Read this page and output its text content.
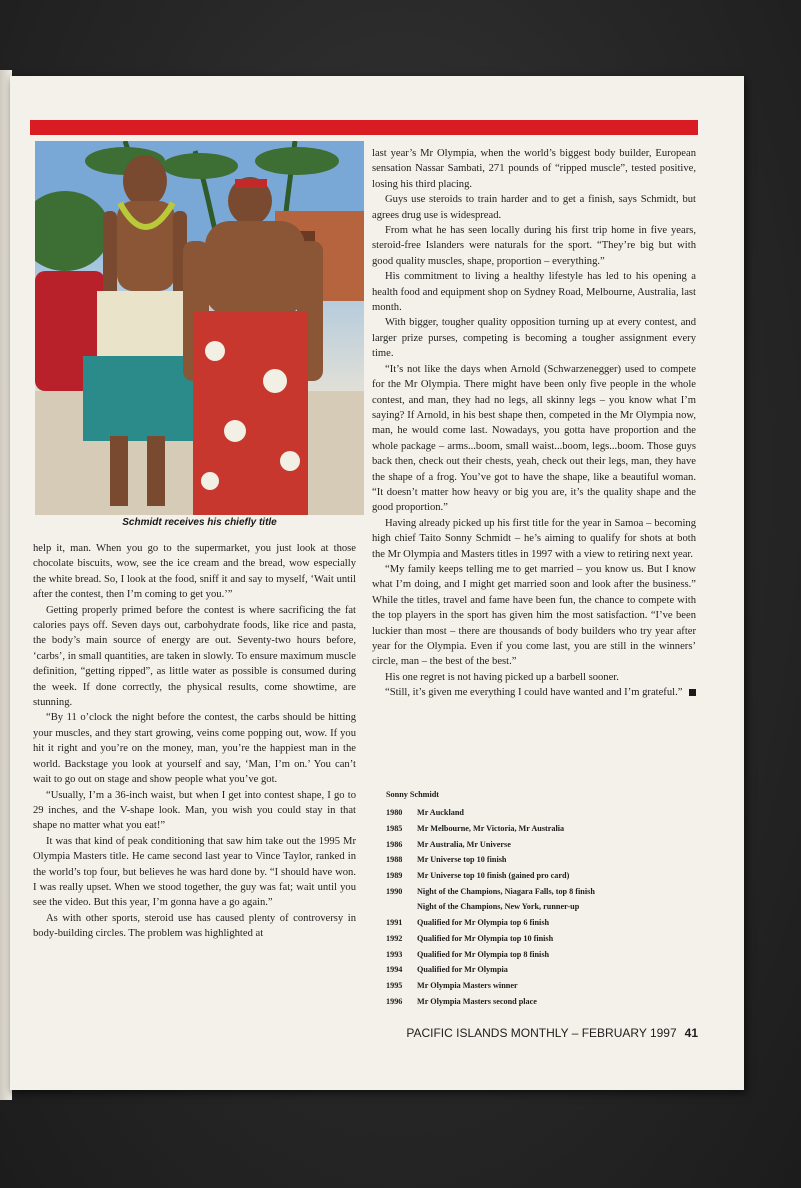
Schmidt receives his chiefly title

help it, man. When you go to the supermarket, you just look at those chocolate biscuits, wow, see the ice cream and the bread, wow especially the white bread. So, I look at the food, sniff it and say to myself, ‘Wait until after the contest, then I’m coming to get you.’”

Getting properly primed before the contest is where sacrificing the fat calories pays off. Seven days out, carbohydrate foods, like rice and pasta, the body’s main source of energy are out. Seventy-two hours before, ‘carbs’, in small quantities, are taken in slowly. To ensure maximum muscle definition, “getting ripped”, as little water as possible is consumed during the week. If done correctly, the physical results, come showtime, are stunning.

“By 11 o’clock the night before the contest, the carbs should be hitting your muscles, and they start growing, veins come popping out, wow. If you hit it right and you’re on the money, man, you’re the happiest man in the world. Backstage you look at yourself and say, ‘Man, I’m on.’ You can’t wait to go out on stage and show people what you’ve got.

“Usually, I’m a 36-inch waist, but when I get into contest shape, I go to 29 inches, and the V-shape look. Man, you wish you could stay in that shape no matter what you eat!”

It was that kind of peak conditioning that saw him take out the 1995 Mr Olympia Masters title. He came second last year to Vince Taylor, ranked in the world’s top four, but believes he was hard done by. “I should have won. I was really upset. When we stood together, the guy was fat; wait until you see the video. But this year, I’m gonna have a go again.”

As with other sports, steroid use has caused plenty of controversy in body-building circles. The problem was highlighted at

last year’s Mr Olympia, when the world’s biggest body builder, European sensation Nassar Sambati, 271 pounds of “ripped muscle”, tested positive, losing his third placing.

Guys use steroids to train harder and to get a finish, says Schmidt, but agrees drug use is widespread.

From what he has seen locally during his first trip home in five years, steroid-free Islanders were naturals for the sport. “They’re big but with good quality muscles, shape, proportion – everything.”

His commitment to living a healthy lifestyle has led to his opening a health food and equipment shop on Sydney Road, Melbourne, Australia, last month.

With bigger, tougher quality opposition turning up at every contest, and larger prize purses, competing is becoming a tougher assignment every time.

“It’s not like the days when Arnold (Schwarzenegger) used to compete for the Mr Olympia. There might have been only five people in the whole contest, and man, they had no legs, all skinny legs – you know what I’m saying? If Arnold, in his best shape then, competed in the Mr Olympia now, man, he would come last. Nowadays, you gotta have proportion and the whole package – arms...boom, small waist...boom, legs...boom. Those guys back then, check out their chests, yeah, check out their legs, man, they have the shape of a frog. You’ve got to have the shape, like a beautiful woman. “It doesn’t matter how heavy or big you are, it’s the quality shape and the good proportion.”

Having already picked up his first title for the year in Samoa – becoming high chief Taito Sonny Schmidt – he’s aiming to qualify for shots at both the Mr Olympia and Masters titles in 1997 with a view to retiring next year.

“My family keeps telling me to get married – you know us. But I know what I’m doing, and I might get married soon and look after the business.” While the titles, travel and fame have been fun, the chance to compete with the top players in the sport has given him the most satisfaction. “I’ve been luckier than most – there are thousands of body builders who try year after year for the Olympia. Even if you come last, you are still in the winners’ circle, man – the best of the best.”

His one regret is not having picked up a barbell sooner.

“Still, it’s given me everything I could have wanted and I’m grateful.”

Sonny Schmidt
1980	Mr Auckland
1985	Mr Melbourne, Mr Victoria, Mr Australia
1986	Mr Australia, Mr Universe
1988	Mr Universe top 10 finish
1989	Mr Universe top 10 finish (gained pro card)
1990	Night of the Champions, Niagara Falls, top 8 finish
Night of the Champions, New York, runner-up
1991	Qualified for Mr Olympia top 6 finish
1992	Qualified for Mr Olympia top 10 finish
1993	Qualified for Mr Olympia top 8 finish
1994	Qualified for Mr Olympia
1995	Mr Olympia Masters winner
1996	Mr Olympia Masters second place
PACIFIC ISLANDS MONTHLY – FEBRUARY 1997 41
